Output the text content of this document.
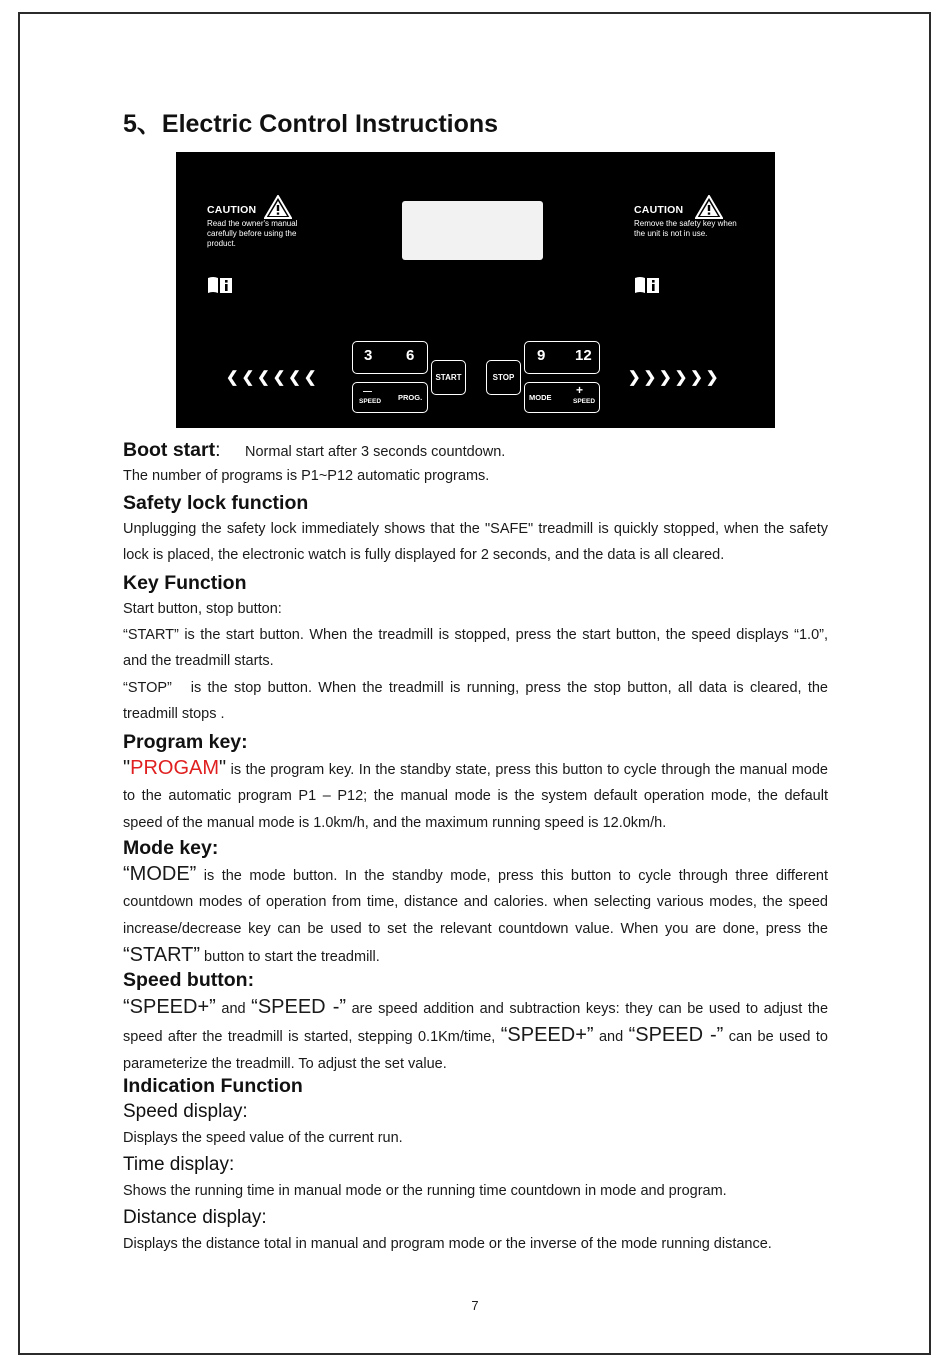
5、Electric Control Instructions
CAUTION
Read the owner's manual carefully before using the product.
CAUTION
Remove the safety key when the unit is not in use.
❮❮❮❮❮❮
3 6
—
SPEED PROG.
START	STOP
9 12
MODE
+
SPEED
❯❯❯❯❯❯
Boot start: Normal start after 3 seconds countdown.
The number of programs is P1~P12 automatic programs.
Safety lock function
Unplugging the safety lock immediately shows that the "SAFE" treadmill is quickly stopped, when the safety lock is placed, the electronic watch is fully displayed for 2 seconds, and the data is all cleared.
Key Function
Start button, stop button:
“START” is the start button. When the treadmill is stopped, press the start button, the speed displays “1.0”, and the treadmill starts.
“STOP”   is the stop button. When the treadmill is running, press the stop button, all data is cleared, the treadmill stops .
Program key:
"PROGAM" is the program key. In the standby state, press this button to cycle through the manual mode to the automatic program P1 – P12; the manual mode is the system default operation mode, the default speed of the manual mode is 1.0km/h, and the maximum running speed is 12.0km/h.
Mode key:
“MODE” is the mode button. In the standby mode, press this button to cycle through three different countdown modes of operation from time, distance and calories. when selecting various modes, the speed increase/decrease key can be used to set the relevant countdown value. When you are done, press the “START” button to start the treadmill.
Speed button:
“SPEED+” and “SPEED -” are speed addition and subtraction keys: they can be used to adjust the speed after the treadmill is started, stepping 0.1Km/time, “SPEED+” and “SPEED -” can be used to parameterize the treadmill. To adjust the set value.
Indication Function
Speed display:
Displays the speed value of the current run.
Time display:
Shows the running time in manual mode or the running time countdown in mode and program.
Distance display:
Displays the distance total in manual and program mode or the inverse of the mode running distance.
7
